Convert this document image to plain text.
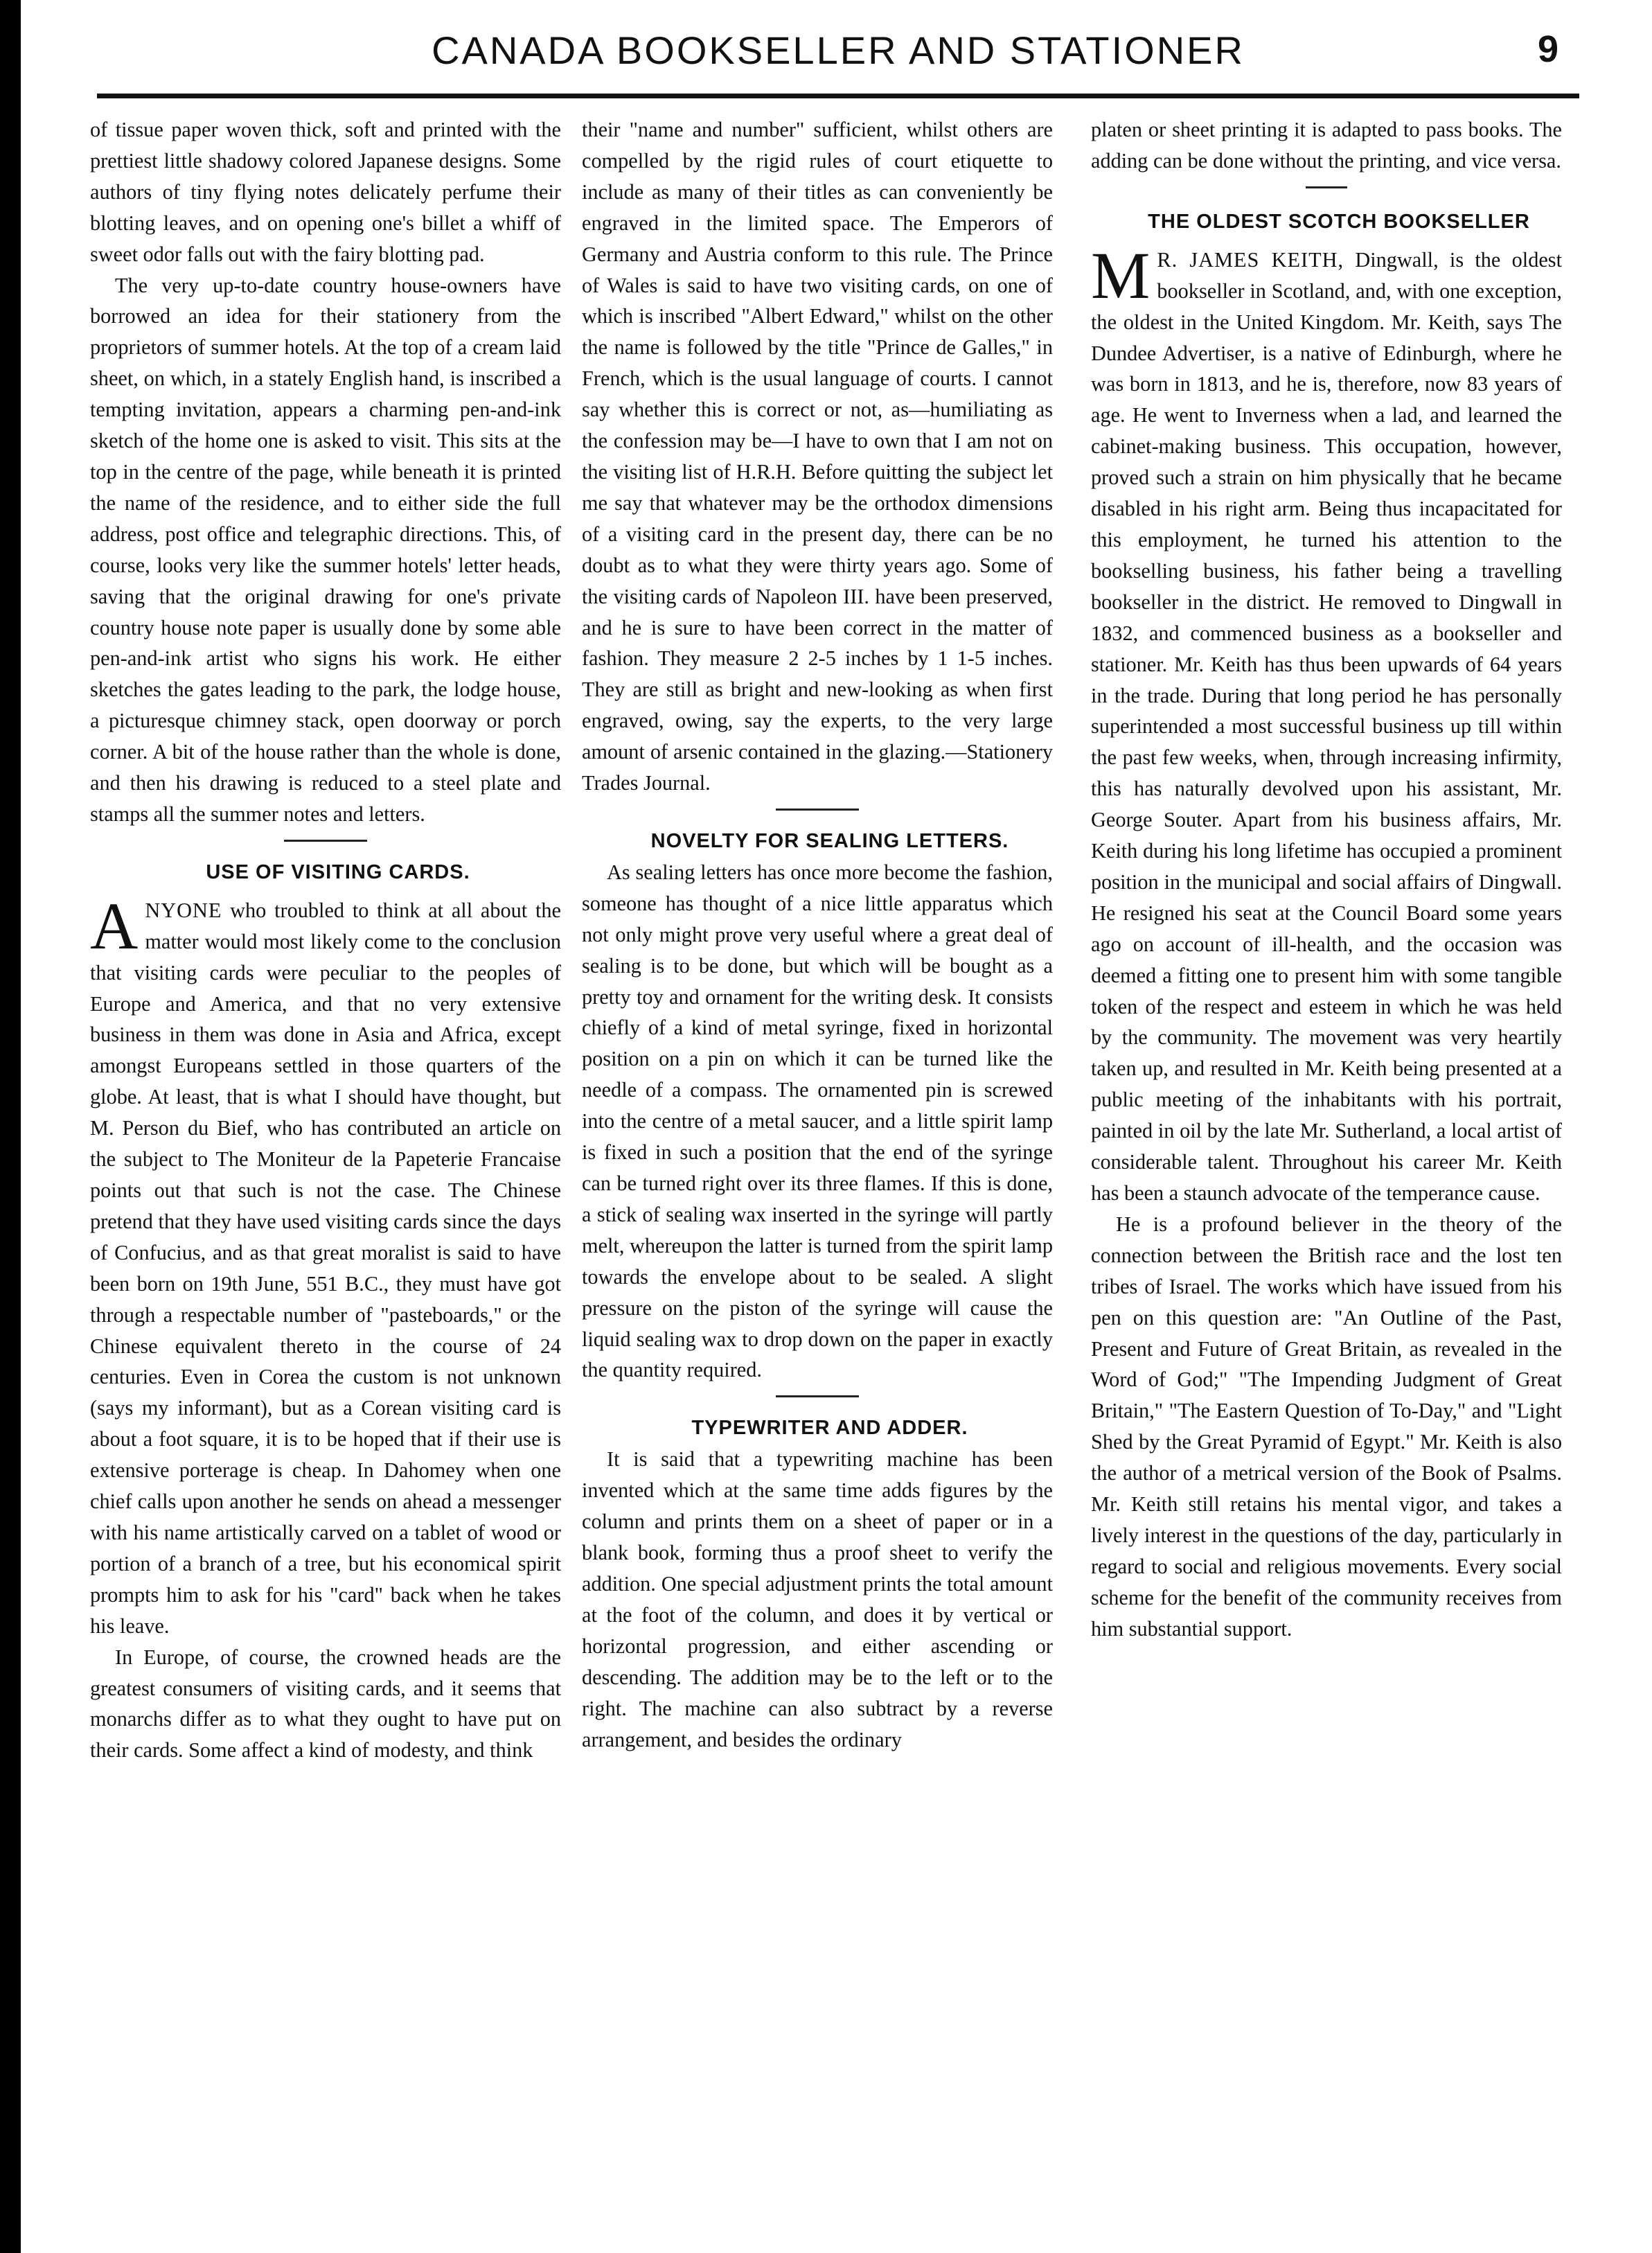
CANADA BOOKSELLER AND STATIONER	9

of tissue paper woven thick, soft and printed with the prettiest little shadowy colored Japanese designs. Some authors of tiny flying notes delicately perfume their blotting leaves, and on opening one's billet a whiff of sweet odor falls out with the fairy blotting pad.

The very up-to-date country house-owners have borrowed an idea for their stationery from the proprietors of summer hotels. At the top of a cream laid sheet, on which, in a stately English hand, is inscribed a tempting invitation, appears a charming pen-and-ink sketch of the home one is asked to visit. This sits at the top in the centre of the page, while beneath it is printed the name of the residence, and to either side the full address, post office and telegraphic directions. This, of course, looks very like the summer hotels' letter heads, saving that the original drawing for one's private country house note paper is usually done by some able pen-and-ink artist who signs his work. He either sketches the gates leading to the park, the lodge house, a picturesque chimney stack, open doorway or porch corner. A bit of the house rather than the whole is done, and then his drawing is reduced to a steel plate and stamps all the summer notes and letters.

USE OF VISITING CARDS.

ANYONE who troubled to think at all about the matter would most likely come to the conclusion that visiting cards were peculiar to the peoples of Europe and America, and that no very extensive business in them was done in Asia and Africa, except amongst Europeans settled in those quarters of the globe. At least, that is what I should have thought, but M. Person du Bief, who has contributed an article on the subject to The Moniteur de la Papeterie Francaise points out that such is not the case. The Chinese pretend that they have used visiting cards since the days of Confucius, and as that great moralist is said to have been born on 19th June, 551 B.C., they must have got through a respectable number of "pasteboards," or the Chinese equivalent thereto in the course of 24 centuries. Even in Corea the custom is not unknown (says my informant), but as a Corean visiting card is about a foot square, it is to be hoped that if their use is extensive porterage is cheap. In Dahomey when one chief calls upon another he sends on ahead a messenger with his name artistically carved on a tablet of wood or portion of a branch of a tree, but his economical spirit prompts him to ask for his "card" back when he takes his leave.

In Europe, of course, the crowned heads are the greatest consumers of visiting cards, and it seems that monarchs differ as to what they ought to have put on their cards. Some affect a kind of modesty, and think

their "name and number" sufficient, whilst others are compelled by the rigid rules of court etiquette to include as many of their titles as can conveniently be engraved in the limited space. The Emperors of Germany and Austria conform to this rule. The Prince of Wales is said to have two visiting cards, on one of which is inscribed "Albert Edward," whilst on the other the name is followed by the title "Prince de Galles," in French, which is the usual language of courts. I cannot say whether this is correct or not, as—humiliating as the confession may be—I have to own that I am not on the visiting list of H.R.H. Before quitting the subject let me say that whatever may be the orthodox dimensions of a visiting card in the present day, there can be no doubt as to what they were thirty years ago. Some of the visiting cards of Napoleon III. have been preserved, and he is sure to have been correct in the matter of fashion. They measure 2 2-5 inches by 1 1-5 inches. They are still as bright and new-looking as when first engraved, owing, say the experts, to the very large amount of arsenic contained in the glazing.—Stationery Trades Journal.

NOVELTY FOR SEALING LETTERS.

As sealing letters has once more become the fashion, someone has thought of a nice little apparatus which not only might prove very useful where a great deal of sealing is to be done, but which will be bought as a pretty toy and ornament for the writing desk. It consists chiefly of a kind of metal syringe, fixed in horizontal position on a pin on which it can be turned like the needle of a compass. The ornamented pin is screwed into the centre of a metal saucer, and a little spirit lamp is fixed in such a position that the end of the syringe can be turned right over its three flames. If this is done, a stick of sealing wax inserted in the syringe will partly melt, whereupon the latter is turned from the spirit lamp towards the envelope about to be sealed. A slight pressure on the piston of the syringe will cause the liquid sealing wax to drop down on the paper in exactly the quantity required.

TYPEWRITER AND ADDER.

It is said that a typewriting machine has been invented which at the same time adds figures by the column and prints them on a sheet of paper or in a blank book, forming thus a proof sheet to verify the addition. One special adjustment prints the total amount at the foot of the column, and does it by vertical or horizontal progression, and either ascending or descending. The addition may be to the left or to the right. The machine can also subtract by a reverse arrangement, and besides the ordinary

platen or sheet printing it is adapted to pass books. The adding can be done without the printing, and vice versa.

THE OLDEST SCOTCH BOOKSELLER

M R. JAMES KEITH, Dingwall, is the oldest bookseller in Scotland, and, with one exception, the oldest in the United Kingdom. Mr. Keith, says The Dundee Advertiser, is a native of Edinburgh, where he was born in 1813, and he is, therefore, now 83 years of age. He went to Inverness when a lad, and learned the cabinet-making business. This occupation, however, proved such a strain on him physically that he became disabled in his right arm. Being thus incapacitated for this employment, he turned his attention to the bookselling business, his father being a travelling bookseller in the district. He removed to Dingwall in 1832, and commenced business as a bookseller and stationer. Mr. Keith has thus been upwards of 64 years in the trade. During that long period he has personally superintended a most successful business up till within the past few weeks, when, through increasing infirmity, this has naturally devolved upon his assistant, Mr. George Souter. Apart from his business affairs, Mr. Keith during his long lifetime has occupied a prominent position in the municipal and social affairs of Dingwall. He resigned his seat at the Council Board some years ago on account of ill-health, and the occasion was deemed a fitting one to present him with some tangible token of the respect and esteem in which he was held by the community. The movement was very heartily taken up, and resulted in Mr. Keith being presented at a public meeting of the inhabitants with his portrait, painted in oil by the late Mr. Sutherland, a local artist of considerable talent. Throughout his career Mr. Keith has been a staunch advocate of the temperance cause.

He is a profound believer in the theory of the connection between the British race and the lost ten tribes of Israel. The works which have issued from his pen on this question are: "An Outline of the Past, Present and Future of Great Britain, as revealed in the Word of God;" "The Impending Judgment of Great Britain," "The Eastern Question of To-Day," and "Light Shed by the Great Pyramid of Egypt." Mr. Keith is also the author of a metrical version of the Book of Psalms. Mr. Keith still retains his mental vigor, and takes a lively interest in the questions of the day, particularly in regard to social and religious movements. Every social scheme for the benefit of the community receives from him substantial support.
